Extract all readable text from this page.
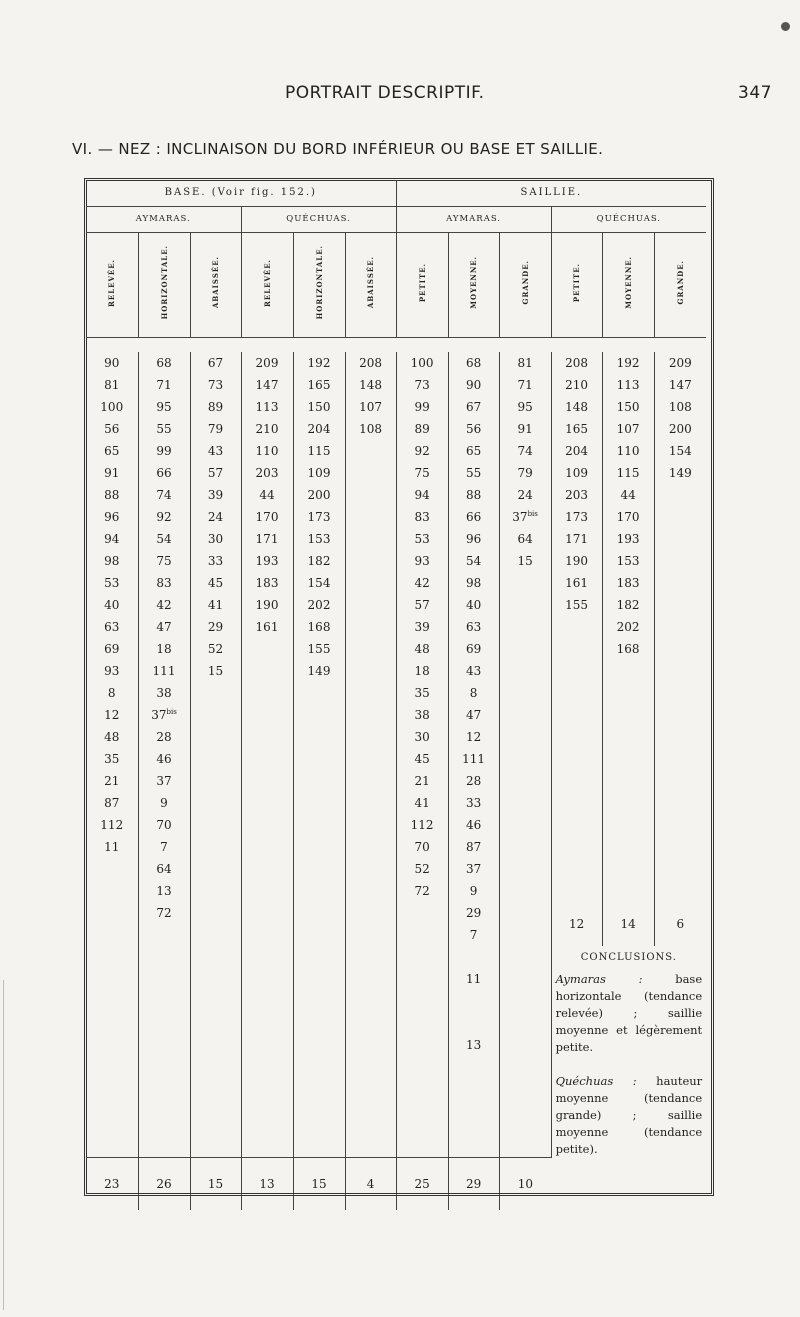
PORTRAIT DESCRIPTIF.	347
VI. — NEZ : INCLINAISON DU BORD INFÉRIEUR OU BASE ET SAILLIE.
BASE. (Voir fig. 152.)						SAILLIE.					
AYMARAS.			QUÉCHUAS.			AYMARAS.			QUÉCHUAS.		
RELEVÉE.	HORIZONTALE.	ABAISSÉE.	RELEVÉE.	HORIZONTALE.	ABAISSÉE.	PETITE.	MOYENNE.	GRANDE.	PETITE.	MOYENNE.	GRANDE.

90	68	67	209	192	208	100	68	81	208	192	209
81	71	73	147	165	148	73	90	71	210	113	147
100	95	89	113	150	107	99	67	95	148	150	108
56	55	79	210	204	108	89	56	91	165	107	200
65	99	43	110	115		92	65	74	204	110	154
91	66	57	203	109		75	55	79	109	115	149
88	74	39	44	200		94	88	24	203	44	
96	92	24	170	173		83	66	$37^{bis}$	173	170	
94	54	30	171	153		53	96	64	171	193	
98	75	33	193	182		93	54	15	190	153	
53	83	45	183	154		42	98		161	183	
40	42	41	190	202		57	40		155	182	
63	47	29	161	168		39	63			202	
69	18	52		155		48	69			168	
93	111	15		149		18	43				
8	38					35	8				
12	$37^{bis}$					38	47				
48	28					30	12				
35	46					45	111				
21	37					21	28				
87	9					41	33				
112	70					112	46				
11	7					70	87				
	64					52	37				
	13					72	9				
	72						29		12	14	6
							7				
							11		CONCLUSIONS.
Aymaras : base horizontale (tendance relevée) ; saillie moyenne et légèrement petite.
Quéchuas : hauteur moyenne (tendance grande) ; saillie moyenne (tendance petite).		

							13				

23	26	15	13	15	4	25	29	10			
